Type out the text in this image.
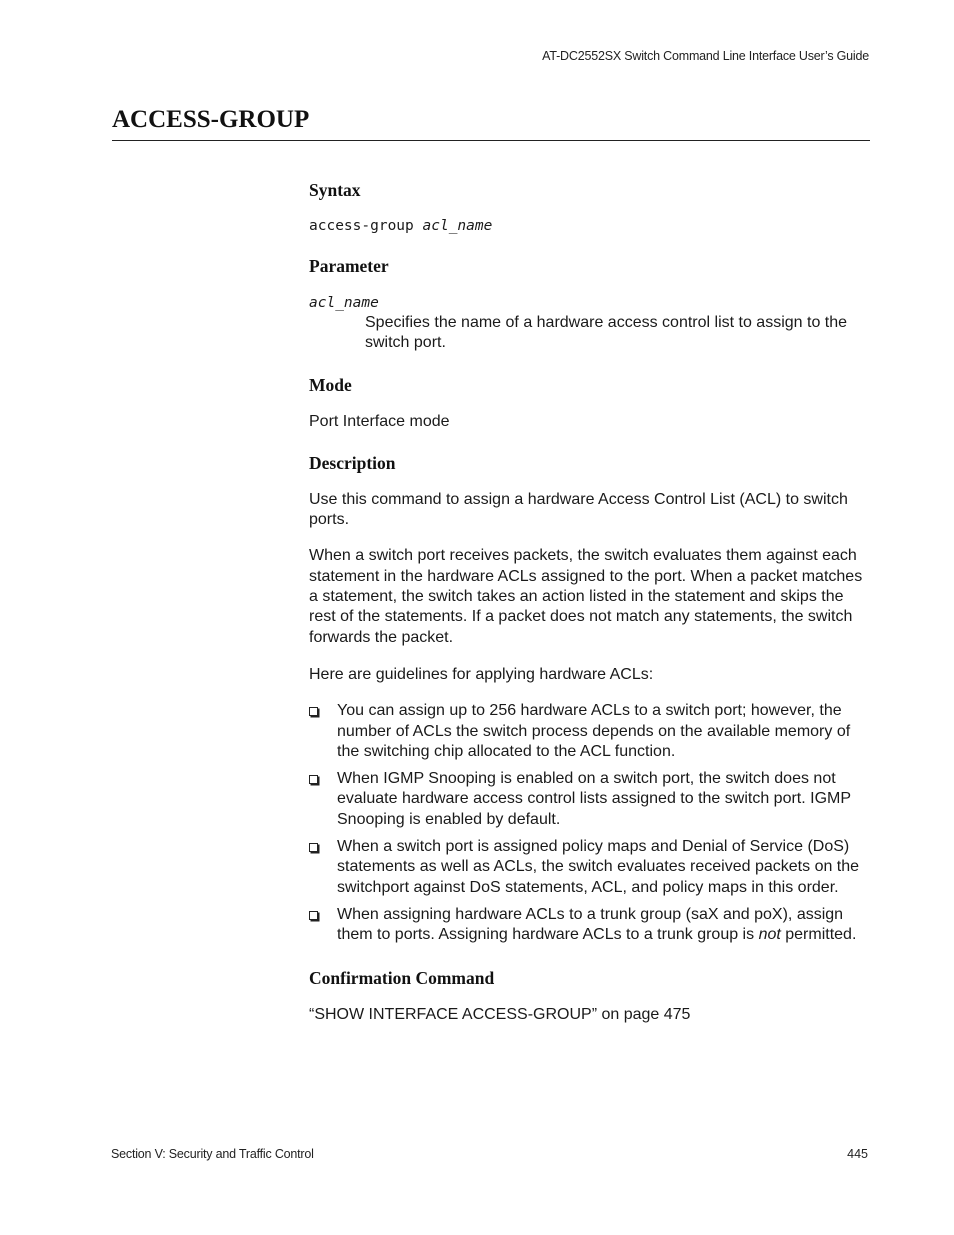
AT-DC2552SX Switch Command Line Interface User’s Guide
ACCESS-GROUP
Syntax

access-group acl_name

Parameter

acl_name

Specifies the name of a hardware access control list to assign to the switch port.

Mode

Port Interface mode

Description

Use this command to assign a hardware Access Control List (ACL) to switch ports.

When a switch port receives packets, the switch evaluates them against each statement in the hardware ACLs assigned to the port. When a packet matches a statement, the switch takes an action listed in the statement and skips the rest of the statements. If a packet does not match any statements, the switch forwards the packet.

Here are guidelines for applying hardware ACLs:

You can assign up to 256 hardware ACLs to a switch port; however, the number of ACLs the switch process depends on the available memory of the switching chip allocated to the ACL function.
When IGMP Snooping is enabled on a switch port, the switch does not evaluate hardware access control lists assigned to the switch port. IGMP Snooping is enabled by default.
When a switch port is assigned policy maps and Denial of Service (DoS) statements as well as ACLs, the switch evaluates received packets on the switchport against DoS statements, ACL, and policy maps in this order.
When assigning hardware ACLs to a trunk group (saX and poX), assign them to ports. Assigning hardware ACLs to a trunk group is not permitted.
Confirmation Command

“SHOW INTERFACE ACCESS-GROUP” on page 475

Section V: Security and Traffic Control	445
